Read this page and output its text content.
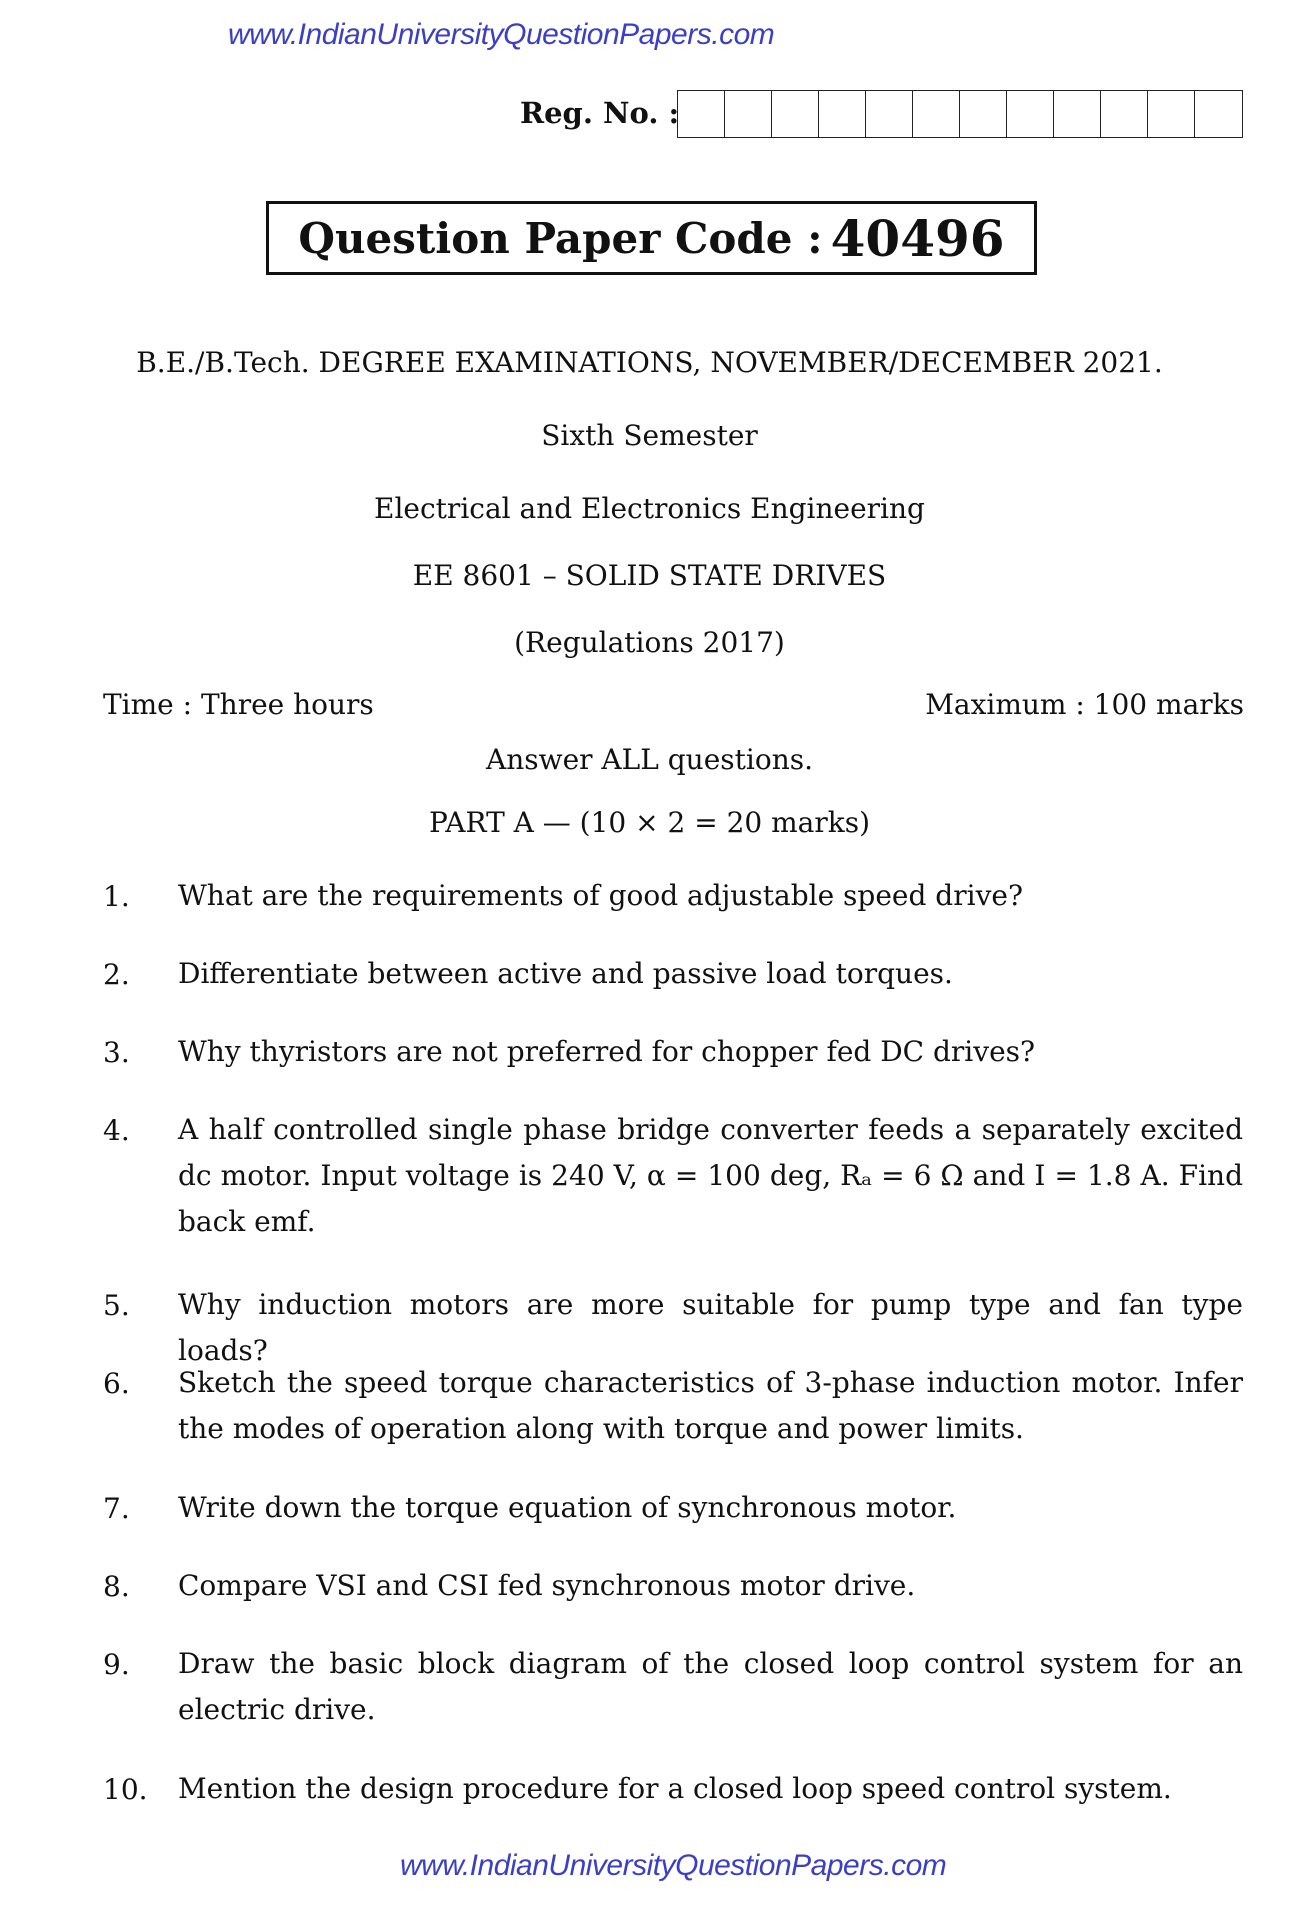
www.IndianUniversityQuestionPapers.com
Reg. No. :
Question Paper Code : 40496
B.E./B.Tech. DEGREE EXAMINATIONS, NOVEMBER/DECEMBER 2021.
Sixth Semester
Electrical and Electronics Engineering
EE 8601 – SOLID STATE DRIVES
(Regulations 2017)
Time : Three hours	Maximum : 100 marks
Answer ALL questions.
PART A — (10 × 2 = 20 marks)
1. What are the requirements of good adjustable speed drive?
2. Differentiate between active and passive load torques.
3. Why thyristors are not preferred for chopper fed DC drives?
4. A half controlled single phase bridge converter feeds a separately excited dc motor. Input voltage is 240 V, α = 100 deg, Rₐ = 6 Ω and I = 1.8 A. Find back emf.
5. Why induction motors are more suitable for pump type and fan type loads?
6. Sketch the speed torque characteristics of 3-phase induction motor. Infer the modes of operation along with torque and power limits.
7. Write down the torque equation of synchronous motor.
8. Compare VSI and CSI fed synchronous motor drive.
9. Draw the basic block diagram of the closed loop control system for an electric drive.
10. Mention the design procedure for a closed loop speed control system.
www.IndianUniversityQuestionPapers.com
